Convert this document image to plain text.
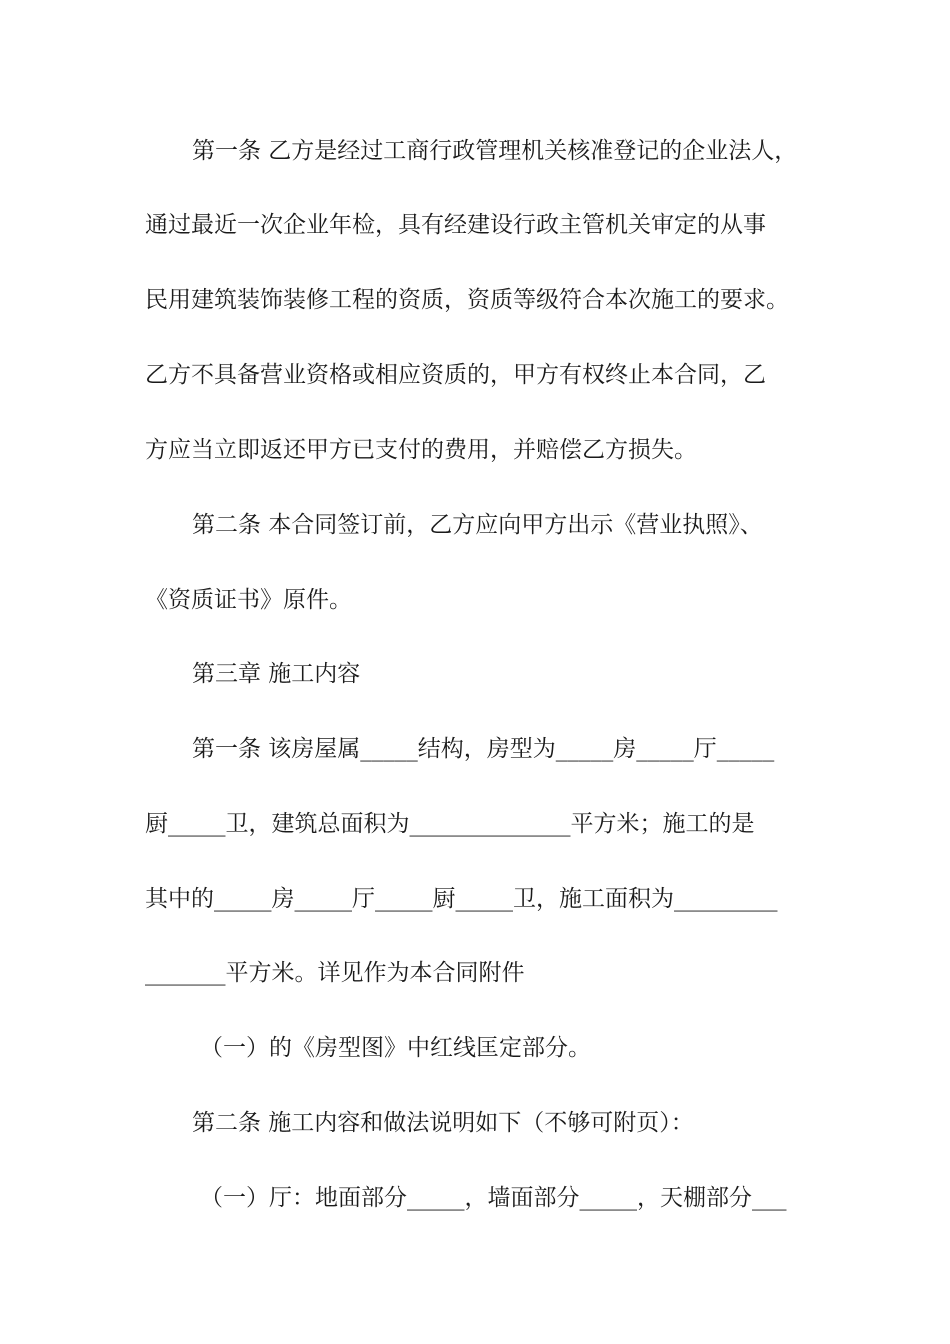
第一条 乙方是经过工商行政管理机关核准登记的企业法人，
通过最近一次企业年检，具有经建设行政主管机关审定的从事
民用建筑装饰装修工程的资质，资质等级符合本次施工的要求。
乙方不具备营业资格或相应资质的，甲方有权终止本合同，乙
方应当立即返还甲方已支付的费用，并赔偿乙方损失。
第二条 本合同签订前，乙方应向甲方出示《营业执照》、
《资质证书》原件。
第三章 施工内容
第一条 该房屋属_____结构，房型为_____房_____厅_____
厨_____卫，建筑总面积为______________平方米；施工的是
其中的_____房_____厅_____厨_____卫，施工面积为_________
_______平方米。详见作为本合同附件
（一）的《房型图》中红线匡定部分。
第二条 施工内容和做法说明如下（不够可附页）：
（一）厅：地面部分_____，墙面部分_____，天棚部分___
